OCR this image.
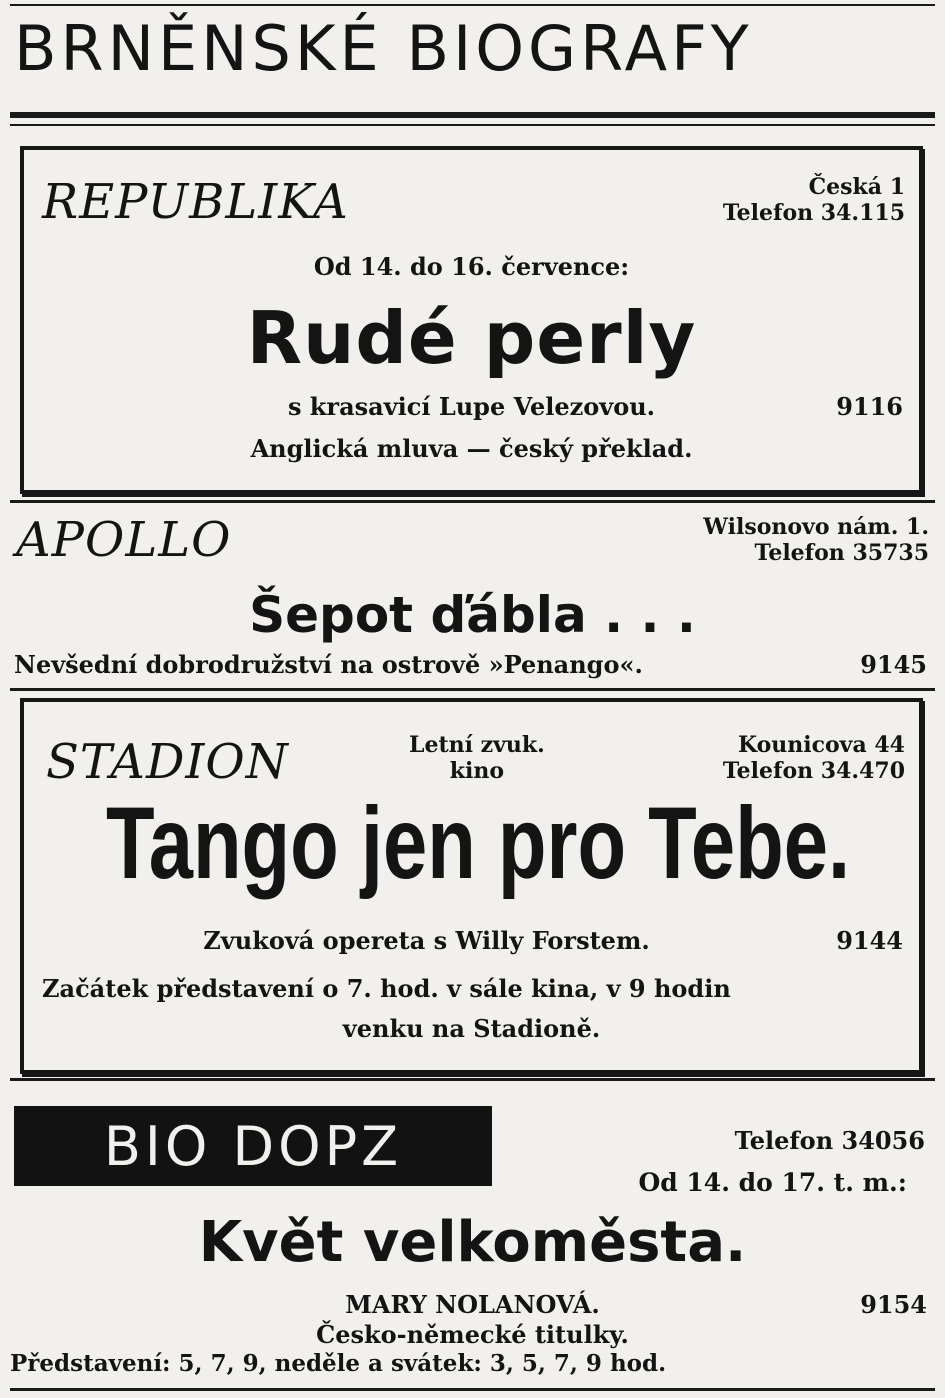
BRNĚNSKÉ BIOGRAFY
REPUBLIKA	Česká 1
Telefon 34.115
Od 14. do 16. července:
Rudé perly
s krasavicí Lupe Velezovou.	9116
Anglická mluva — český překlad.
APOLLO	Wilsonovo nám. 1.
Telefon 35735
Šepot ďábla . . .
Nevšední dobrodružství na ostrově »Penango«.	9145
STADION	Letní zvuk.
kino
Kounicova 44
Telefon 34.470
Tango jen pro Tebe.
Zvuková opereta s Willy Forstem.	9144
Začátek představení o 7. hod. v sále kina, v 9 hodin
venku na Stadioně.
BIO DOPZ	Telefon 34056
Od 14. do 17. t. m.:
Květ velkoměsta.
MARY NOLANOVÁ.	9154
Česko-německé titulky.
Představení: 5, 7, 9, neděle a svátek: 3, 5, 7, 9 hod.
